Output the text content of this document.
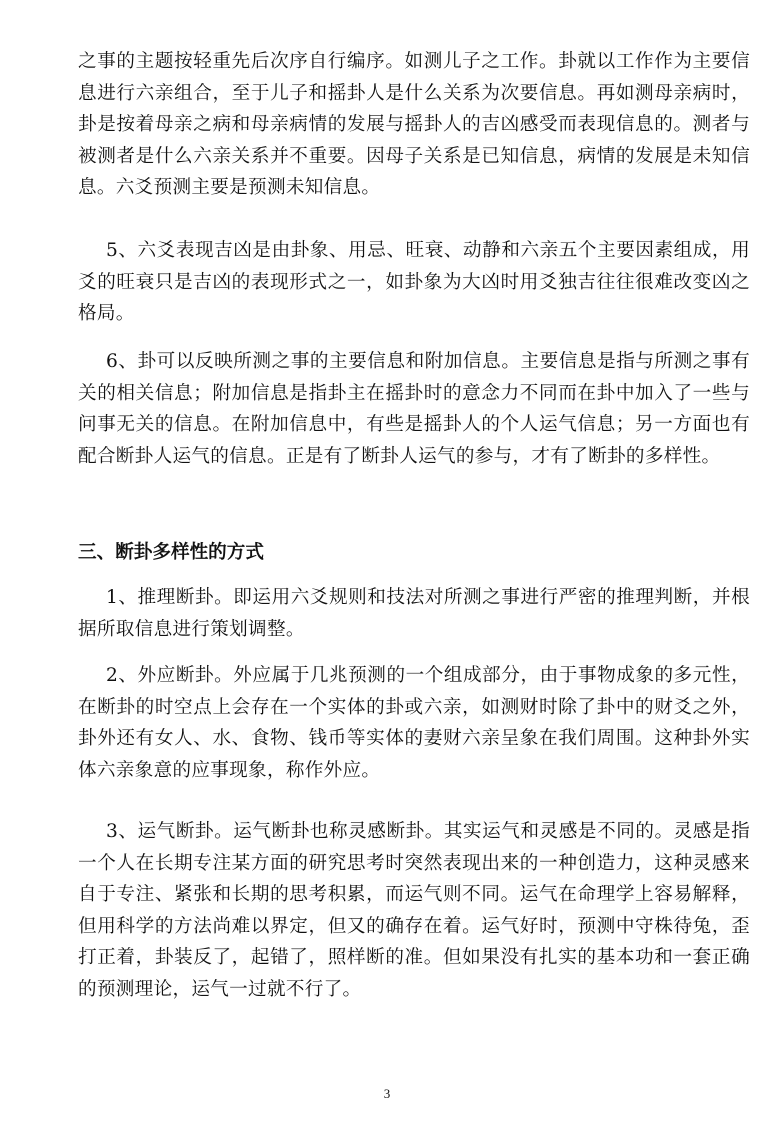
之事的主题按轻重先后次序自行编序。如测儿子之工作。卦就以工作作为主要信息进行六亲组合，至于儿子和摇卦人是什么关系为次要信息。再如测母亲病时，卦是按着母亲之病和母亲病情的发展与摇卦人的吉凶感受而表现信息的。测者与被测者是什么六亲关系并不重要。因母子关系是已知信息，病情的发展是未知信息。六爻预测主要是预测未知信息。

5、六爻表现吉凶是由卦象、用忌、旺衰、动静和六亲五个主要因素组成，用爻的旺衰只是吉凶的表现形式之一，如卦象为大凶时用爻独吉往往很难改变凶之格局。

6、卦可以反映所测之事的主要信息和附加信息。主要信息是指与所测之事有关的相关信息；附加信息是指卦主在摇卦时的意念力不同而在卦中加入了一些与问事无关的信息。在附加信息中，有些是摇卦人的个人运气信息；另一方面也有配合断卦人运气的信息。正是有了断卦人运气的参与，才有了断卦的多样性。

三、断卦多样性的方式

1、推理断卦。即运用六爻规则和技法对所测之事进行严密的推理判断，并根据所取信息进行策划调整。

2、外应断卦。外应属于几兆预测的一个组成部分，由于事物成象的多元性，在断卦的时空点上会存在一个实体的卦或六亲，如测财时除了卦中的财爻之外，卦外还有女人、水、食物、钱币等实体的妻财六亲呈象在我们周围。这种卦外实体六亲象意的应事现象，称作外应。

3、运气断卦。运气断卦也称灵感断卦。其实运气和灵感是不同的。灵感是指一个人在长期专注某方面的研究思考时突然表现出来的一种创造力，这种灵感来自于专注、紧张和长期的思考积累，而运气则不同。运气在命理学上容易解释，但用科学的方法尚难以界定，但又的确存在着。运气好时，预测中守株待兔，歪打正着，卦装反了，起错了，照样断的准。但如果没有扎实的基本功和一套正确的预测理论，运气一过就不行了。

3
